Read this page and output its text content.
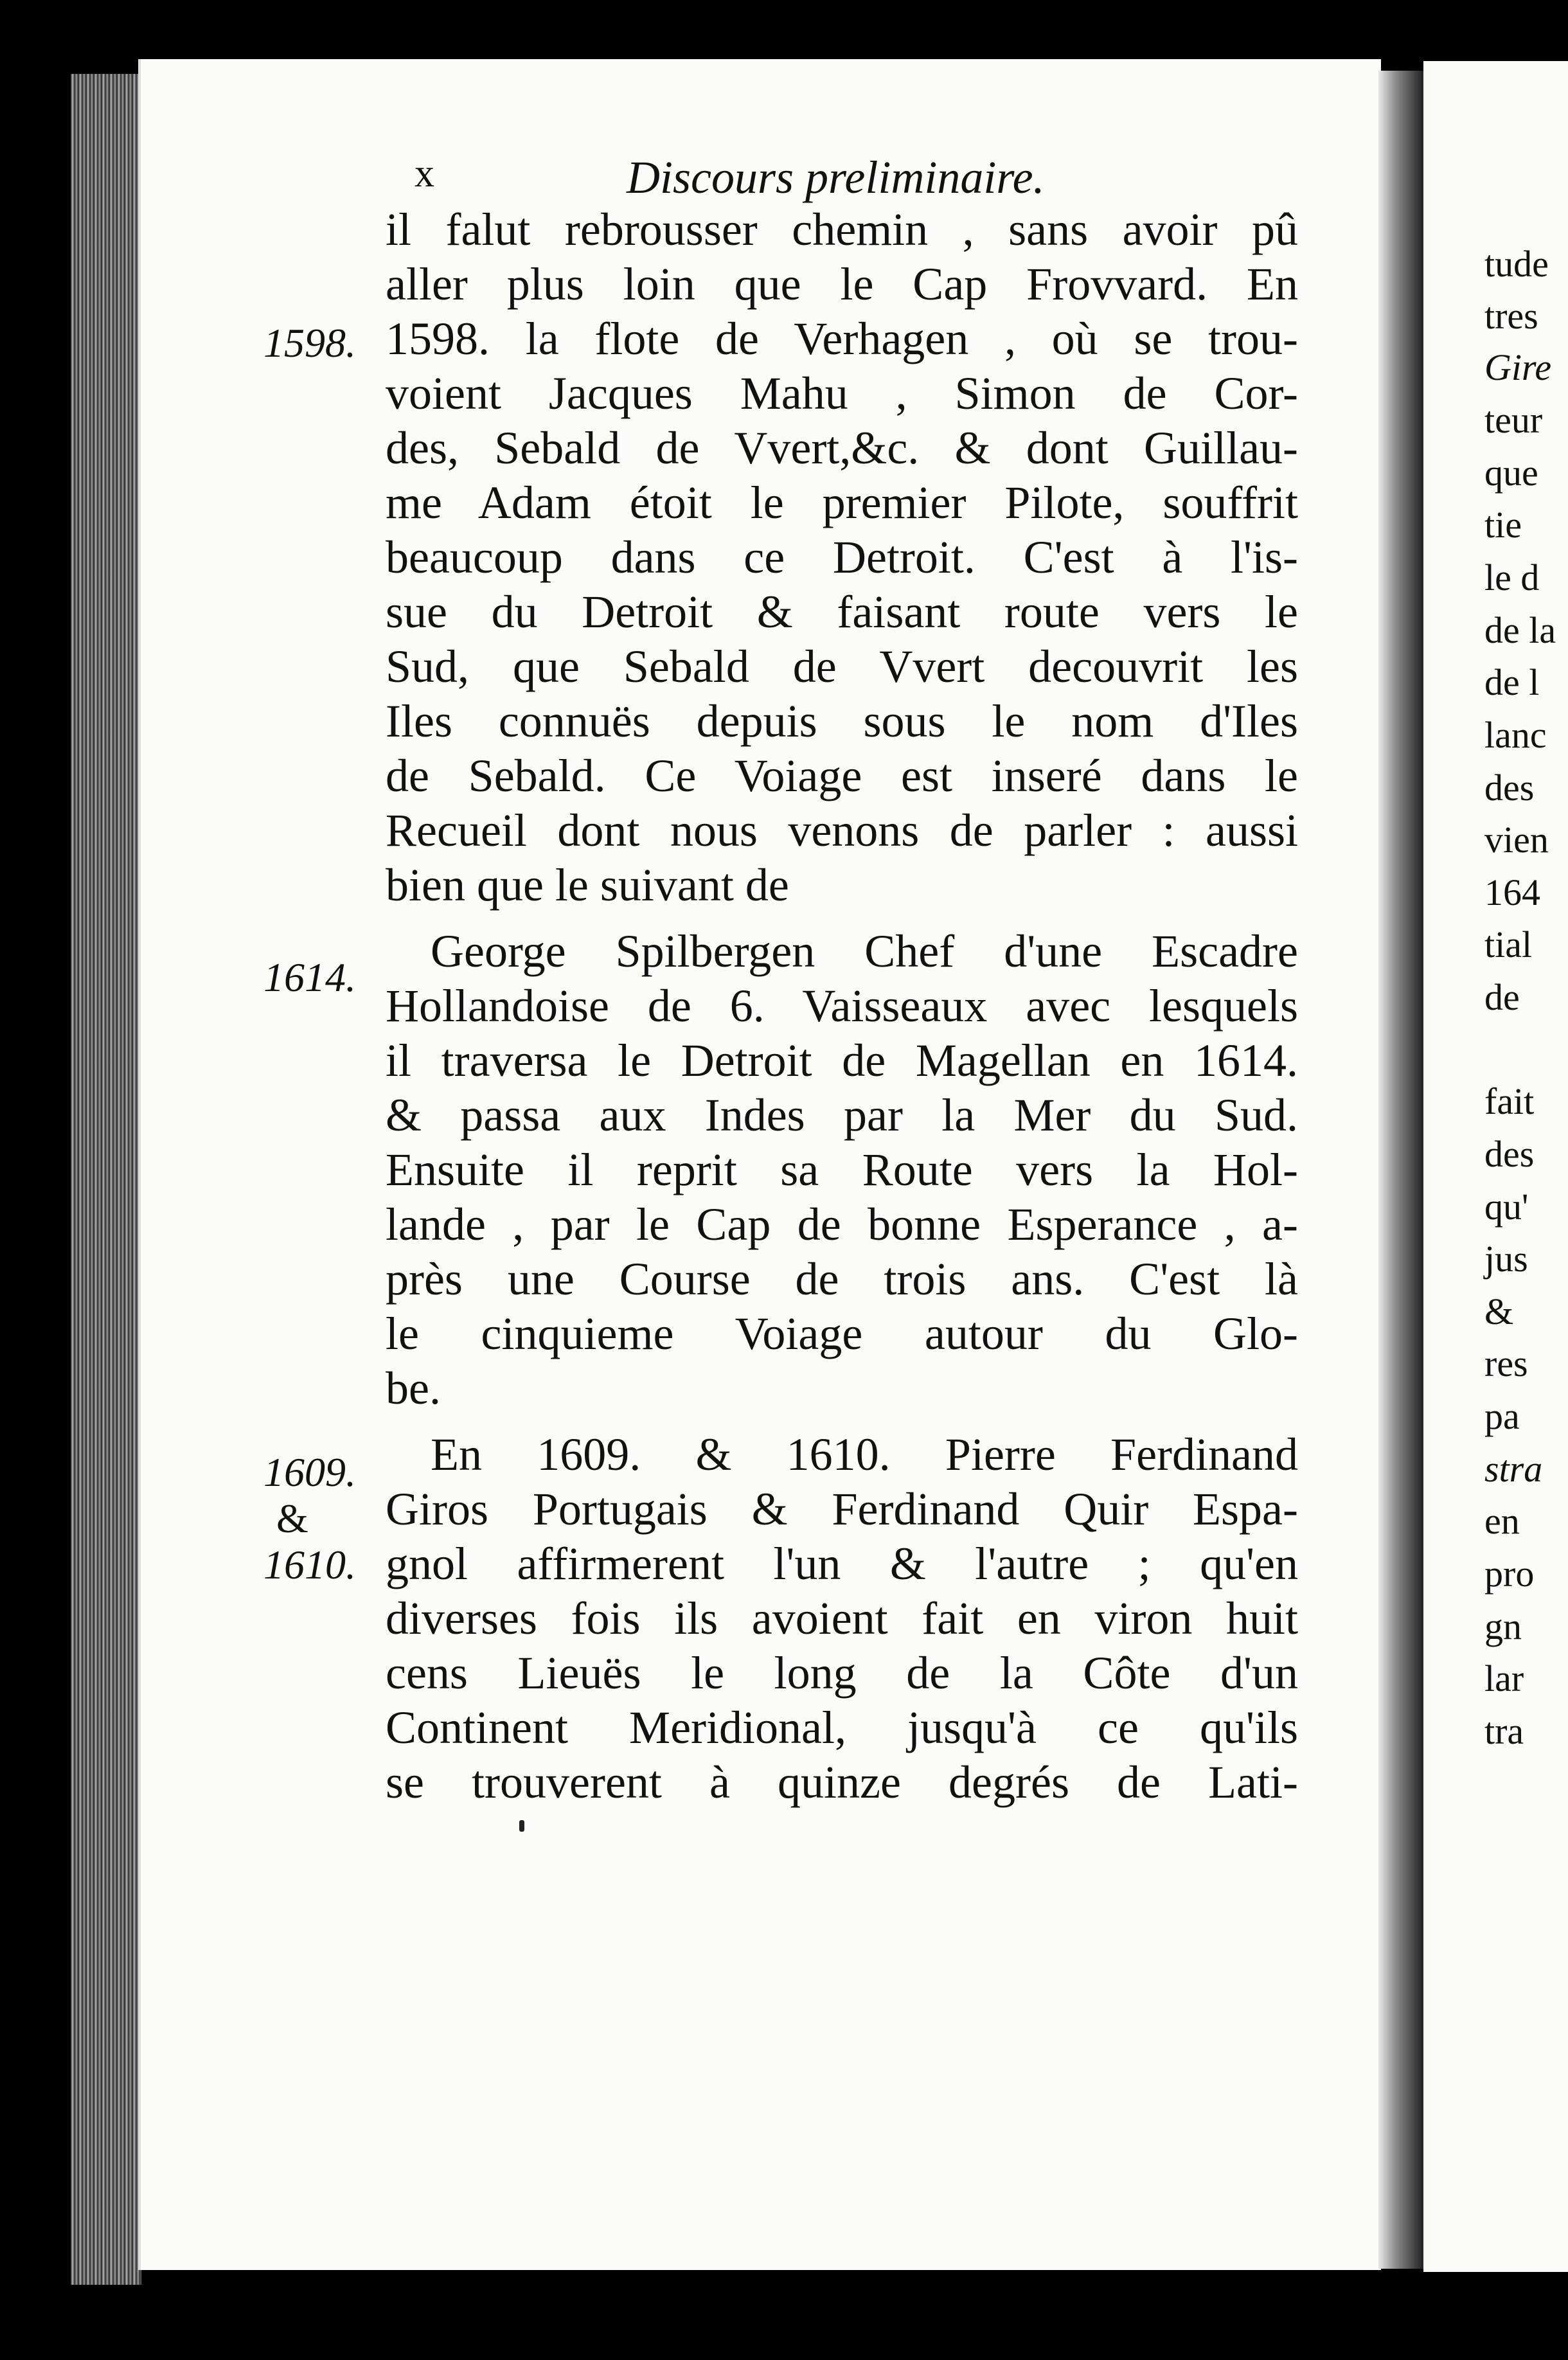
tude
tres
Gire
teur
que
tie
le d
de la
de l
lanc
des
vien
164
tial
de
fait
des
qu'
jus
&
res
pa
stra
en
pro
gn
lar
tra
x	Discours preliminaire.
1598.
1614.
1609.
&
1610.
il falut rebrousser chemin , sans avoir pû
aller plus loin que le Cap Frovvard. En
1598. la flote de Verhagen , où se trou-
voient Jacques Mahu , Simon de Cor-
des, Sebald de Vvert,&c. & dont Guillau-
me Adam étoit le premier Pilote, souffrit
beaucoup dans ce Detroit. C'est à l'is-
sue du Detroit & faisant route vers le
Sud, que Sebald de Vvert decouvrit les
Iles connuës depuis sous le nom d'Iles
de Sebald. Ce Voiage est inseré dans le
Recueil dont nous venons de parler : aussi
bien que le suivant de
George Spilbergen Chef d'une Escadre
Hollandoise de 6. Vaisseaux avec lesquels
il traversa le Detroit de Magellan en 1614.
& passa aux Indes par la Mer du Sud.
Ensuite il reprit sa Route vers la Hol-
lande , par le Cap de bonne Esperance , a-
près une Course de trois ans. C'est là
le cinquieme Voiage autour du Glo-
be.
En 1609. & 1610. Pierre Ferdinand
Giros Portugais & Ferdinand Quir Espa-
gnol affirmerent l'un & l'autre ; qu'en
diverses fois ils avoient fait en viron huit
cens Lieuës le long de la Côte d'un
Continent Meridional, jusqu'à ce qu'ils
se trouverent à quinze degrés de Lati-
